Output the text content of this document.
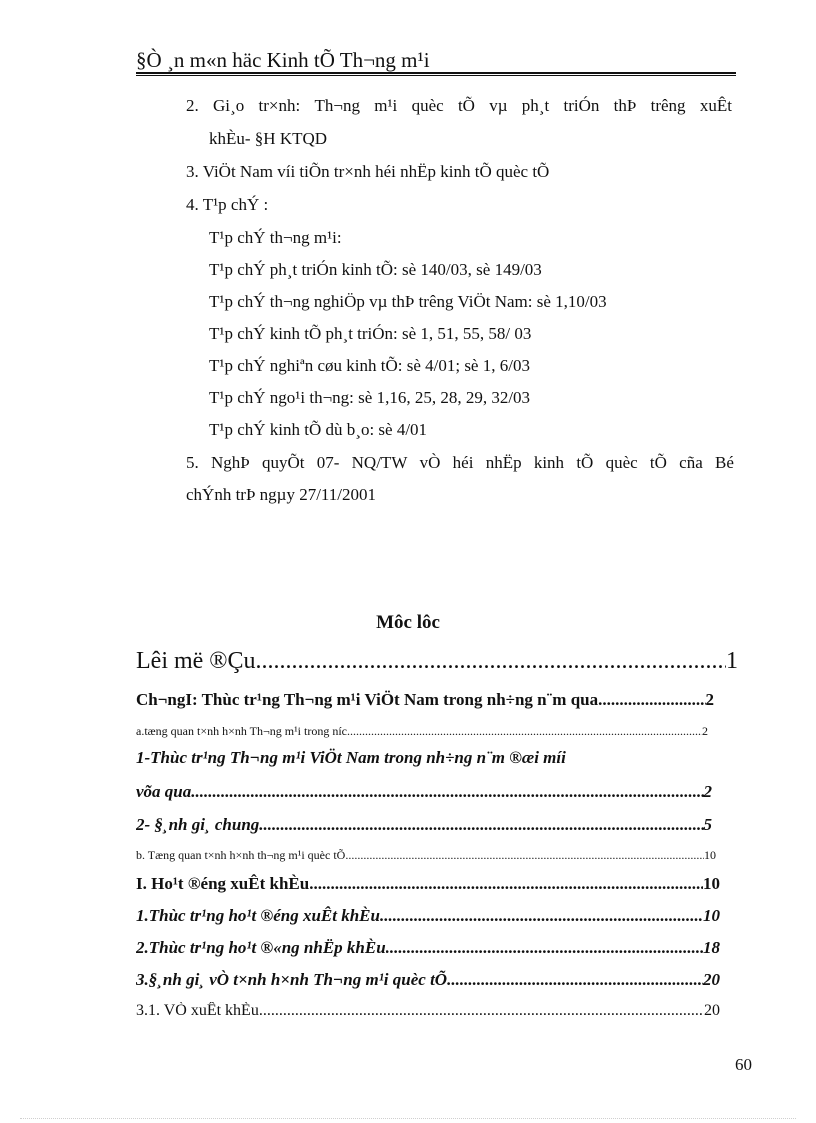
§Ò ¸n m«n häc Kinh tÕ Th¬ng m¹i
2. Gi¸o tr×nh: Th¬ng m¹i quèc tÕ vµ ph¸t triÓn thÞ trêng xuÊt
khÈu- §H KTQD
3. ViÖt Nam víi tiÕn tr×nh héi nhËp kinh tÕ quèc tÕ
4. T¹p chÝ :
T¹p chÝ th¬ng m¹i:
T¹p chÝ ph¸t triÓn kinh tÕ: sè 140/03, sè 149/03
T¹p chÝ th¬ng nghiÖp vµ thÞ trêng ViÖt Nam: sè 1,10/03
T¹p chÝ kinh tÕ ph¸t triÓn: sè 1, 51, 55, 58/ 03
T¹p chÝ nghiªn cøu kinh tÕ: sè 4/01; sè 1, 6/03
T¹p chÝ ngo¹i th¬ng: sè 1,16, 25, 28, 29, 32/03
T¹p chÝ kinh tÕ dù b¸o: sè 4/01
5. NghÞ quyÕt 07- NQ/TW vÒ héi nhËp kinh tÕ quèc tÕ cña Bé
chÝnh trÞ ngµy 27/11/2001
Môc lôc
Lêi më ®Çu .....	1
Ch¬ngI: Thùc tr¹ng Th¬ng m¹i ViÖt Nam trong nh÷ng n¨m qua .....	2
a.tæng quan t×nh h×nh Th¬ng m¹i trong níc .....	2
1-Thùc tr¹ng Th¬ng m¹i ViÖt Nam trong nh÷ng n¨m ®æi míi
võa qua .....	2
2- §¸nh gi¸ chung .....	5
b. Tæng quan t×nh h×nh th¬ng m¹i quèc tÕ .....	10
I. Ho¹t ®éng xuÊt khÈu .....	10
1.Thùc tr¹ng ho¹t ®éng xuÊt khÈu .....	10
2.Thùc tr¹ng ho¹t ®«ng nhËp khÈu .....	18
3.§¸nh gi¸ vÒ t×nh h×nh Th¬ng m¹i quèc tÕ .....	20
3.1. VÒ xuÊt khÈu .....	20
60
